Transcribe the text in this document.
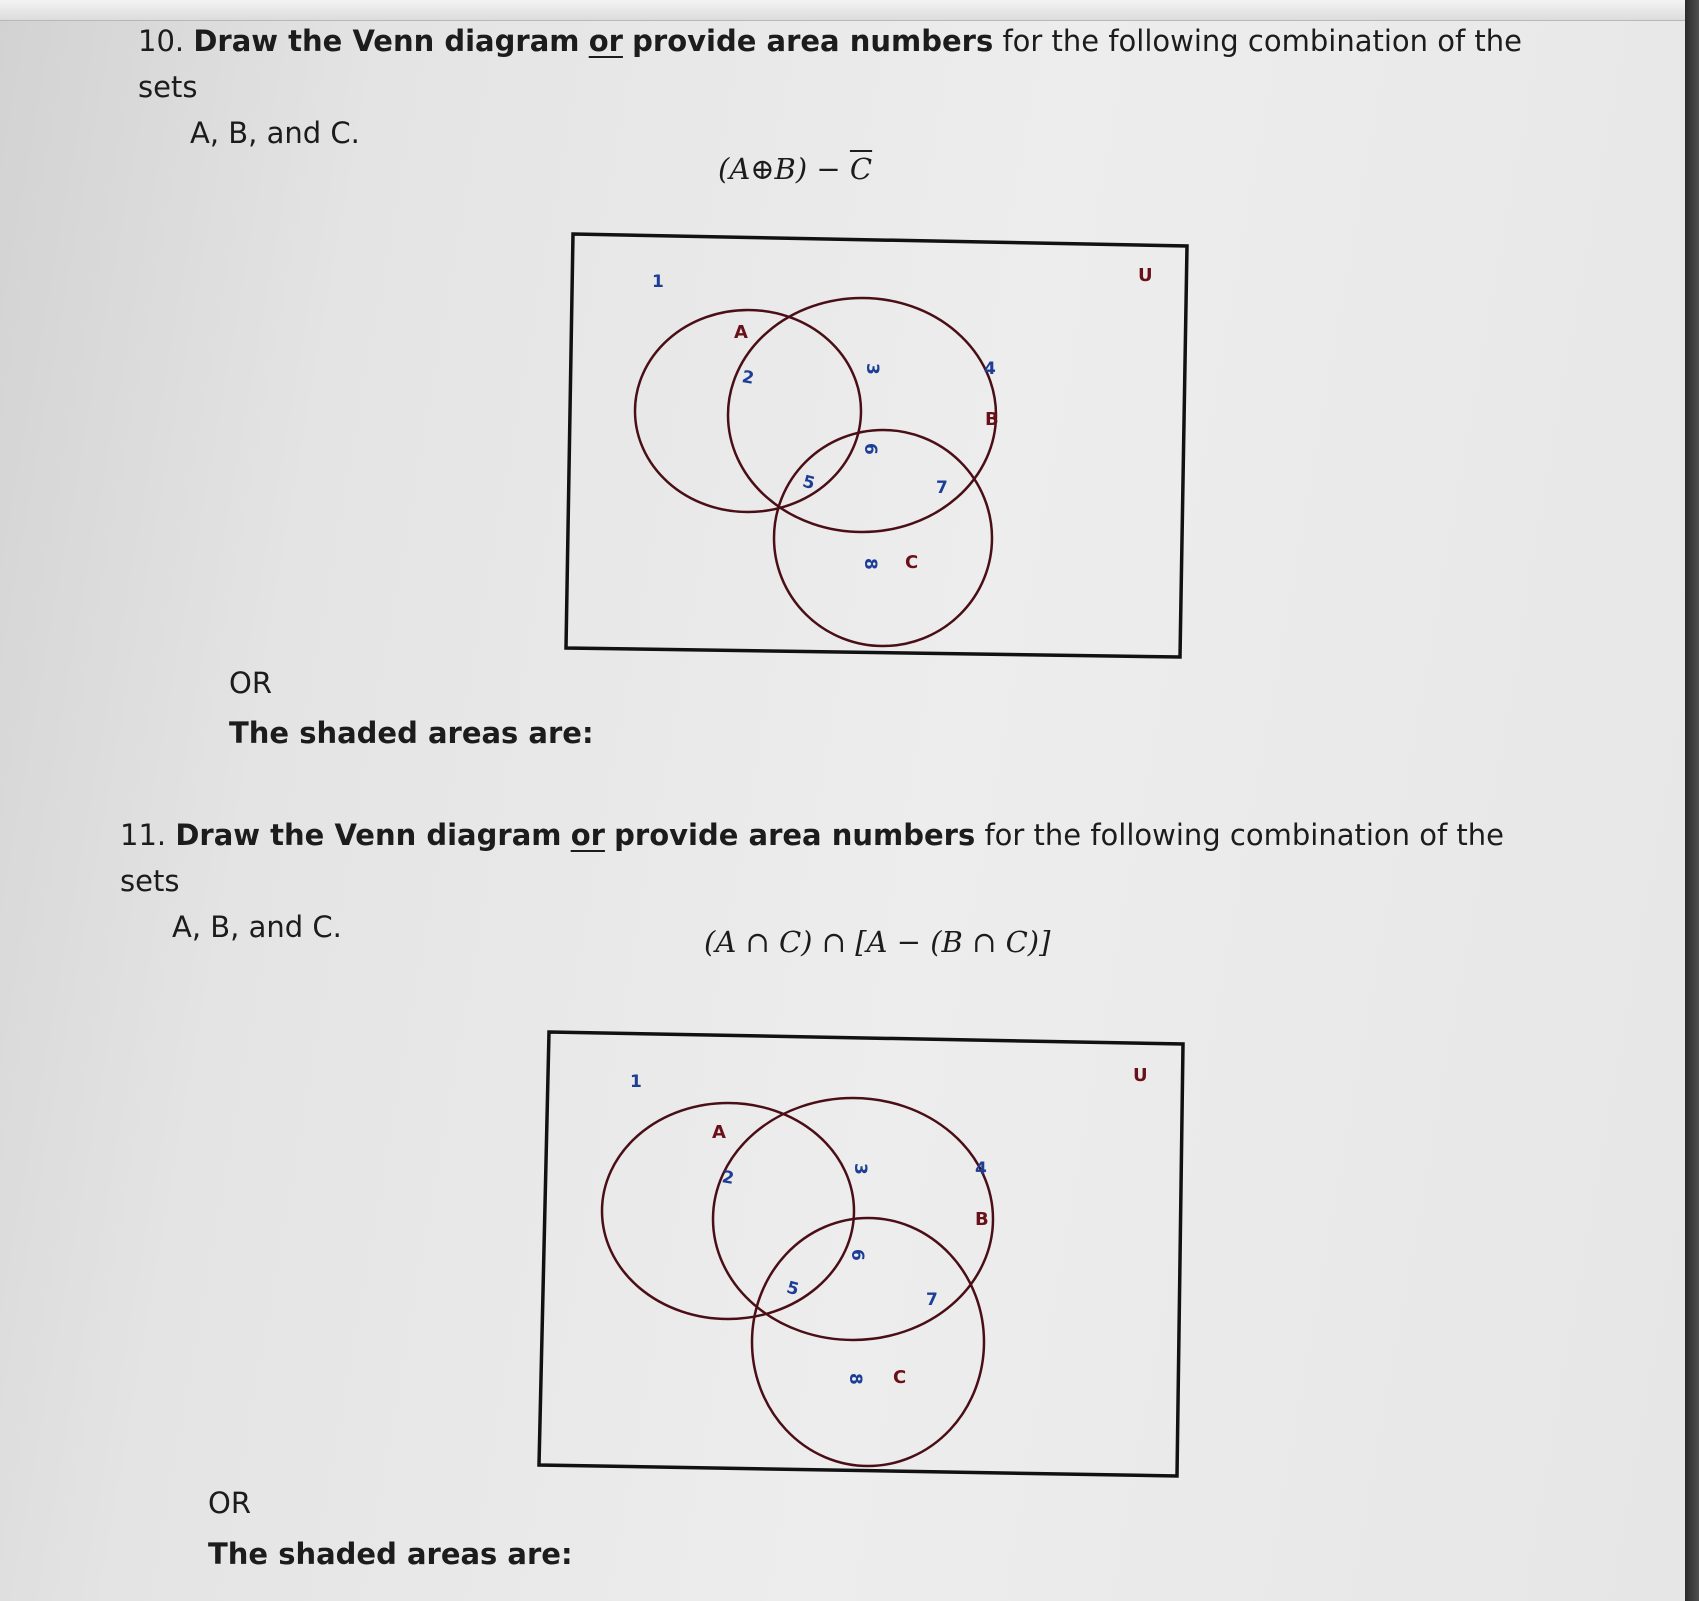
10. Draw the Venn diagram or provide area numbers for the following combination of the sets
A, B, and C.
(A⊕B) − $\overline{C}$
1	U
A
2	3	4
B
6
5	7
8 C
OR
The shaded areas are:
11. Draw the Venn diagram or provide area numbers for the following combination of the sets
A, B, and C.	(A ∩ C) ∩ [A − (B ∩ C)]
1	U
A
2	3	4
B
6
5	7
8 C
OR
The shaded areas are:
